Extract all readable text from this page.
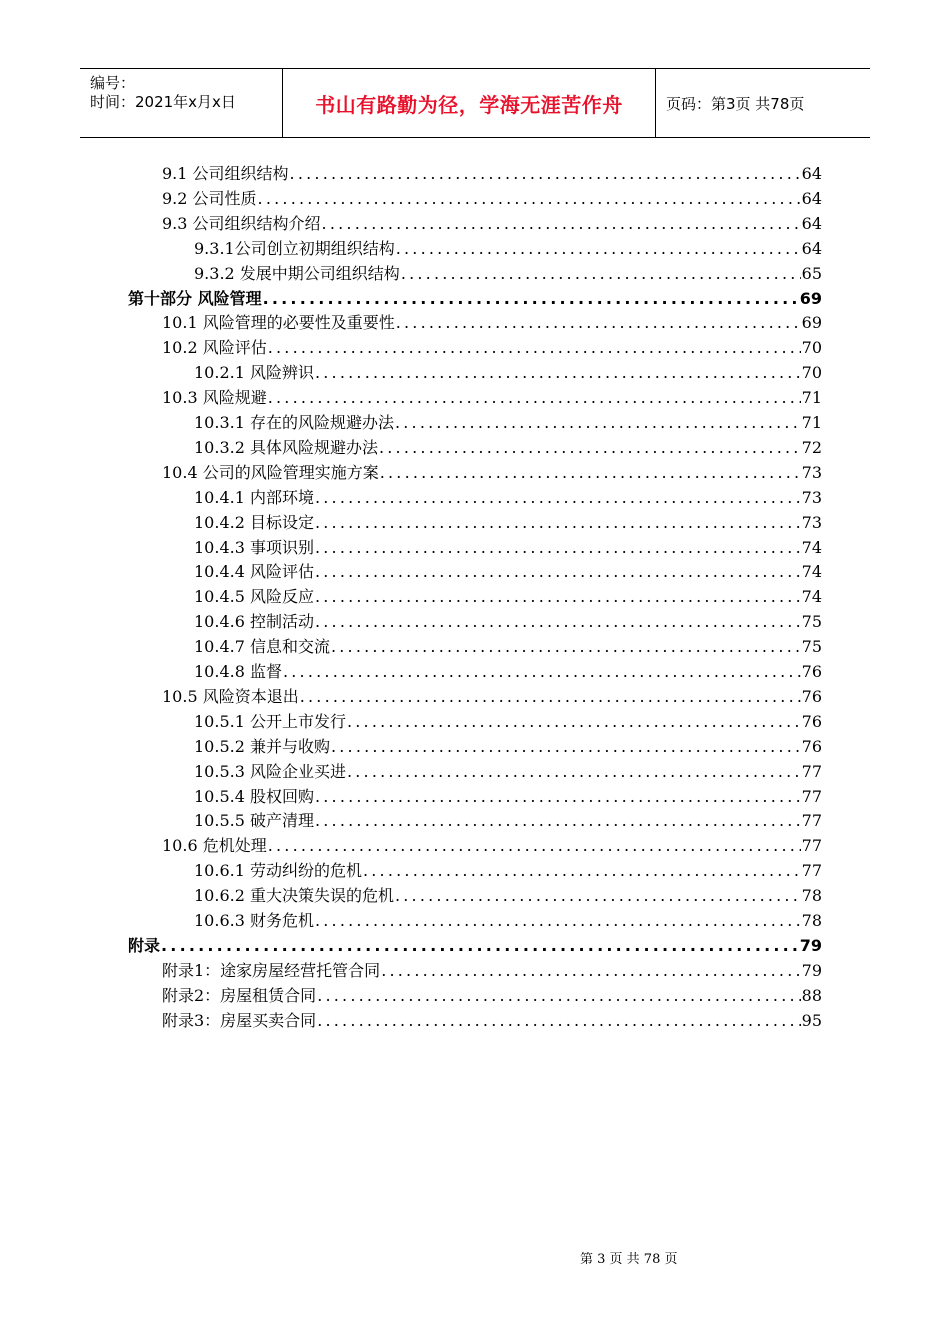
编号：
时间：2021年x月x日	书山有路勤为径，学海无涯苦作舟	页码：第3页 共78页
9.1 公司组织结构 .....	64
9.2 公司性质 .....	64
9.3 公司组织结构介绍 .....	64
9.3.1公司创立初期组织结构 .....	64
9.3.2 发展中期公司组织结构 .....	65
第十部分 风险管理 .....	69
10.1 风险管理的必要性及重要性 .....	69
10.2 风险评估 .....	70
10.2.1 风险辨识 .....	70
10.3 风险规避 .....	71
10.3.1 存在的风险规避办法 .....	71
10.3.2 具体风险规避办法 .....	72
10.4 公司的风险管理实施方案 .....	73
10.4.1 内部环境 .....	73
10.4.2 目标设定 .....	73
10.4.3 事项识别 .....	74
10.4.4 风险评估 .....	74
10.4.5 风险反应 .....	74
10.4.6 控制活动 .....	75
10.4.7 信息和交流 .....	75
10.4.8 监督 .....	76
10.5 风险资本退出 .....	76
10.5.1 公开上市发行 .....	76
10.5.2 兼并与收购 .....	76
10.5.3 风险企业买进 .....	77
10.5.4 股权回购 .....	77
10.5.5 破产清理 .....	77
10.6 危机处理 .....	77
10.6.1 劳动纠纷的危机 .....	77
10.6.2 重大决策失误的危机 .....	78
10.6.3 财务危机 .....	78
附录 .....	79
附录1：途家房屋经营托管合同 .....	79
附录2：房屋租赁合同 .....	88
附录3：房屋买卖合同 .....	95
第 3 页 共 78 页
